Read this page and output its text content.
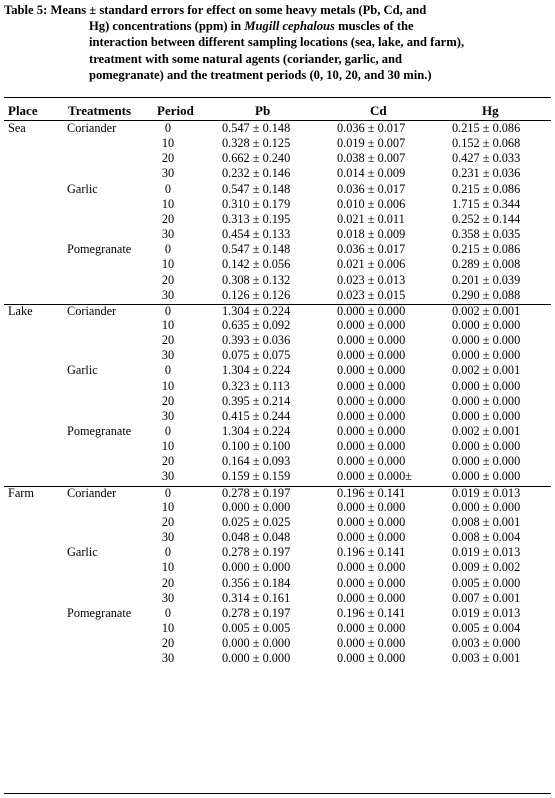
Table 5: Means ± standard errors for effect on some heavy metals (Pb, Cd, and
Hg) concentrations (ppm) in Mugill cephalous muscles of the
interaction between different sampling locations (sea, lake, and farm),
treatment with some natural agents (coriander, garlic, and
pomegranate) and the treatment periods (0, 10, 20, and 30 min.)
Place Treatments Period	Pb	Cd	Hg
Sea	Coriander	0	0.547 ± 0.148	0.036 ± 0.017	0.215 ± 0.086
10	0.328 ± 0.125	0.019 ± 0.007	0.152 ± 0.068
20	0.662 ± 0.240	0.038 ± 0.007	0.427 ± 0.033
30	0.232 ± 0.146	0.014 ± 0.009	0.231 ± 0.036
Garlic	0	0.547 ± 0.148	0.036 ± 0.017	0.215 ± 0.086
10	0.310 ± 0.179	0.010 ± 0.006	1.715 ± 0.344
20	0.313 ± 0.195	0.021 ± 0.011	0.252 ± 0.144
30	0.454 ± 0.133	0.018 ± 0.009	0.358 ± 0.035
Pomegranate	0	0.547 ± 0.148	0.036 ± 0.017	0.215 ± 0.086
10	0.142 ± 0.056	0.021 ± 0.006	0.289 ± 0.008
20	0.308 ± 0.132	0.023 ± 0.013	0.201 ± 0.039
30	0.126 ± 0.126	0.023 ± 0.015	0.290 ± 0.088
Lake	Coriander	0	1.304 ± 0.224	0.000 ± 0.000	0.002 ± 0.001
10	0.635 ± 0.092	0.000 ± 0.000	0.000 ± 0.000
20	0.393 ± 0.036	0.000 ± 0.000	0.000 ± 0.000
30	0.075 ± 0.075	0.000 ± 0.000	0.000 ± 0.000
Garlic	0	1.304 ± 0.224	0.000 ± 0.000	0.002 ± 0.001
10	0.323 ± 0.113	0.000 ± 0.000	0.000 ± 0.000
20	0.395 ± 0.214	0.000 ± 0.000	0.000 ± 0.000
30	0.415 ± 0.244	0.000 ± 0.000	0.000 ± 0.000
Pomegranate	0	1.304 ± 0.224	0.000 ± 0.000	0.002 ± 0.001
10	0.100 ± 0.100	0.000 ± 0.000	0.000 ± 0.000
20	0.164 ± 0.093	0.000 ± 0.000	0.000 ± 0.000
30	0.159 ± 0.159	0.000 ± 0.000±	0.000 ± 0.000
Farm	Coriander	0	0.278 ± 0.197	0.196 ± 0.141	0.019 ± 0.013
10	0.000 ± 0.000	0.000 ± 0.000	0.000 ± 0.000
20	0.025 ± 0.025	0.000 ± 0.000	0.008 ± 0.001
30	0.048 ± 0.048	0.000 ± 0.000	0.008 ± 0.004
Garlic	0	0.278 ± 0.197	0.196 ± 0.141	0.019 ± 0.013
10	0.000 ± 0.000	0.000 ± 0.000	0.009 ± 0.002
20	0.356 ± 0.184	0.000 ± 0.000	0.005 ± 0.000
30	0.314 ± 0.161	0.000 ± 0.000	0.007 ± 0.001
Pomegranate	0	0.278 ± 0.197	0.196 ± 0.141	0.019 ± 0.013
10	0.005 ± 0.005	0.000 ± 0.000	0.005 ± 0.004
20	0.000 ± 0.000	0.000 ± 0.000	0.003 ± 0.000
30	0.000 ± 0.000	0.000 ± 0.000	0.003 ± 0.001
